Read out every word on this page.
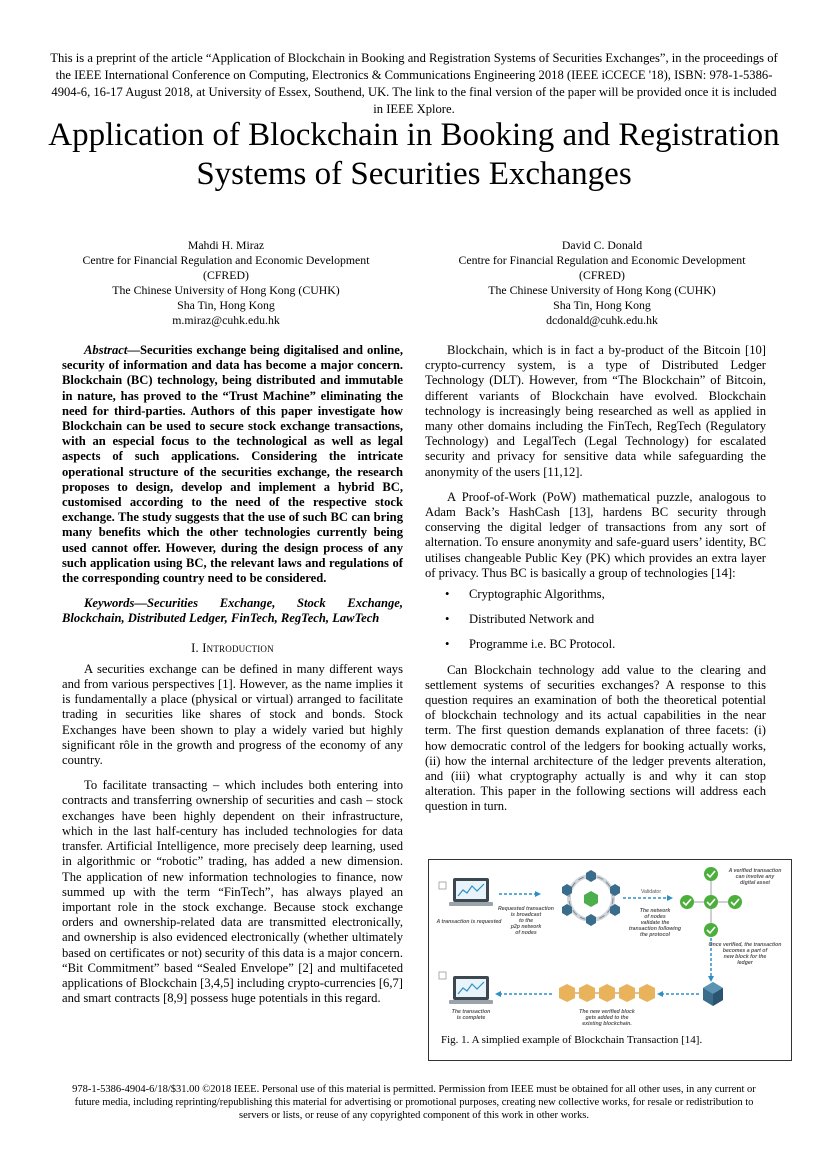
This is a preprint of the article “Application of Blockchain in Booking and Registration Systems of Securities Exchanges”, in the proceedings of the IEEE International Conference on Computing, Electronics & Communications Engineering 2018 (IEEE iCCECE '18), ISBN: 978-1-5386-4904-6, 16-17 August 2018, at University of Essex, Southend, UK. The link to the final version of the paper will be provided once it is included in IEEE Xplore.
Application of Blockchain in Booking and Registration Systems of Securities Exchanges
Mahdi H. Miraz
Centre for Financial Regulation and Economic Development
(CFRED)
The Chinese University of Hong Kong (CUHK)
Sha Tin, Hong Kong
m.miraz@cuhk.edu.hk
David C. Donald
Centre for Financial Regulation and Economic Development
(CFRED)
The Chinese University of Hong Kong (CUHK)
Sha Tin, Hong Kong
dcdonald@cuhk.edu.hk

Abstract—Securities exchange being digitalised and online, security of information and data has become a major concern. Blockchain (BC) technology, being distributed and immutable in nature, has proved to the “Trust Machine” eliminating the need for third-parties. Authors of this paper investigate how Blockchain can be used to secure stock exchange transactions, with an especial focus to the technological as well as legal aspects of such applications. Considering the intricate operational structure of the securities exchange, the research proposes to design, develop and implement a hybrid BC, customised according to the need of the respective stock exchange. The study suggests that the use of such BC can bring many benefits which the other technologies currently being used cannot offer. However, during the design process of any such application using BC, the relevant laws and regulations of the corresponding country need to be considered.

Keywords—Securities Exchange, Stock Exchange, Blockchain, Distributed Ledger, FinTech, RegTech, LawTech

I. Introduction

A securities exchange can be defined in many different ways and from various perspectives [1]. However, as the name implies it is fundamentally a place (physical or virtual) arranged to facilitate trading in securities like shares of stock and bonds. Stock Exchanges have been shown to play a widely varied but highly significant rôle in the growth and progress of the economy of any country.

To facilitate transacting – which includes both entering into contracts and transferring ownership of securities and cash – stock exchanges have been highly dependent on their infrastructure, which in the last half-century has included technologies for data transfer. Artificial Intelligence, more precisely deep learning, used in algorithmic or “robotic” trading, has added a new dimension. The application of new information technologies to finance, now summed up with the term “FinTech”, has always played an important role in the stock exchange. Because stock exchange orders and ownership-related data are transmitted electronically, and ownership is also evidenced electronically (whether ultimately based on certificates or not) security of this data is a major concern. “Bit Commitment” based “Sealed Envelope” [2] and multifaceted applications of Blockchain [3,4,5] including crypto-currencies [6,7] and smart contracts [8,9] possess huge potentials in this regard.

Blockchain, which is in fact a by-product of the Bitcoin [10] crypto-currency system, is a type of Distributed Ledger Technology (DLT). However, from “The Blockchain” of Bitcoin, different variants of Blockchain have evolved. Blockchain technology is increasingly being researched as well as applied in many other domains including the FinTech, RegTech (Regulatory Technology) and LegalTech (Legal Technology) for escalated security and privacy for sensitive data while safeguarding the anonymity of the users [11,12].

A Proof-of-Work (PoW) mathematical puzzle, analogous to Adam Back’s HashCash [13], hardens BC security through conserving the digital ledger of transactions from any sort of alternation. To ensure anonymity and safe-guard users’ identity, BC utilises changeable Public Key (PK) which provides an extra layer of privacy. Thus BC is basically a group of technologies [14]:

• Cryptographic Algorithms,
• Distributed Network and
• Programme i.e. BC Protocol.

Can Blockchain technology add value to the clearing and settlement systems of securities exchanges? A response to this question requires an examination of both the theoretical potential of blockchain technology and its actual capabilities in the near term. The first question demands explanation of three facets: (i) how democratic control of the ledgers for booking actually works, (ii) how the internal architecture of the ledger prevents alteration, and (iii) what cryptography actually is and why it can stop alteration. This paper in the following sections will address each question in turn.

A transaction is requested
Requested transaction is broadcast to the p2p network of nodes
Validator
The network of nodes validate the transaction following the protocol
A verified transaction can involve any digital asset
Once verified, the transaction becomes a part of new block for the ledger
The new verified block gets added to the existing blockchain.
The transaction is complete
Fig. 1. A simplied example of Blockchain Transaction [14].
978-1-5386-4904-6/18/$31.00 ©2018 IEEE. Personal use of this material is permitted. Permission from IEEE must be obtained for all other uses, in any current or future media, including reprinting/republishing this material for advertising or promotional purposes, creating new collective works, for resale or redistribution to servers or lists, or reuse of any copyrighted component of this work in other works.
